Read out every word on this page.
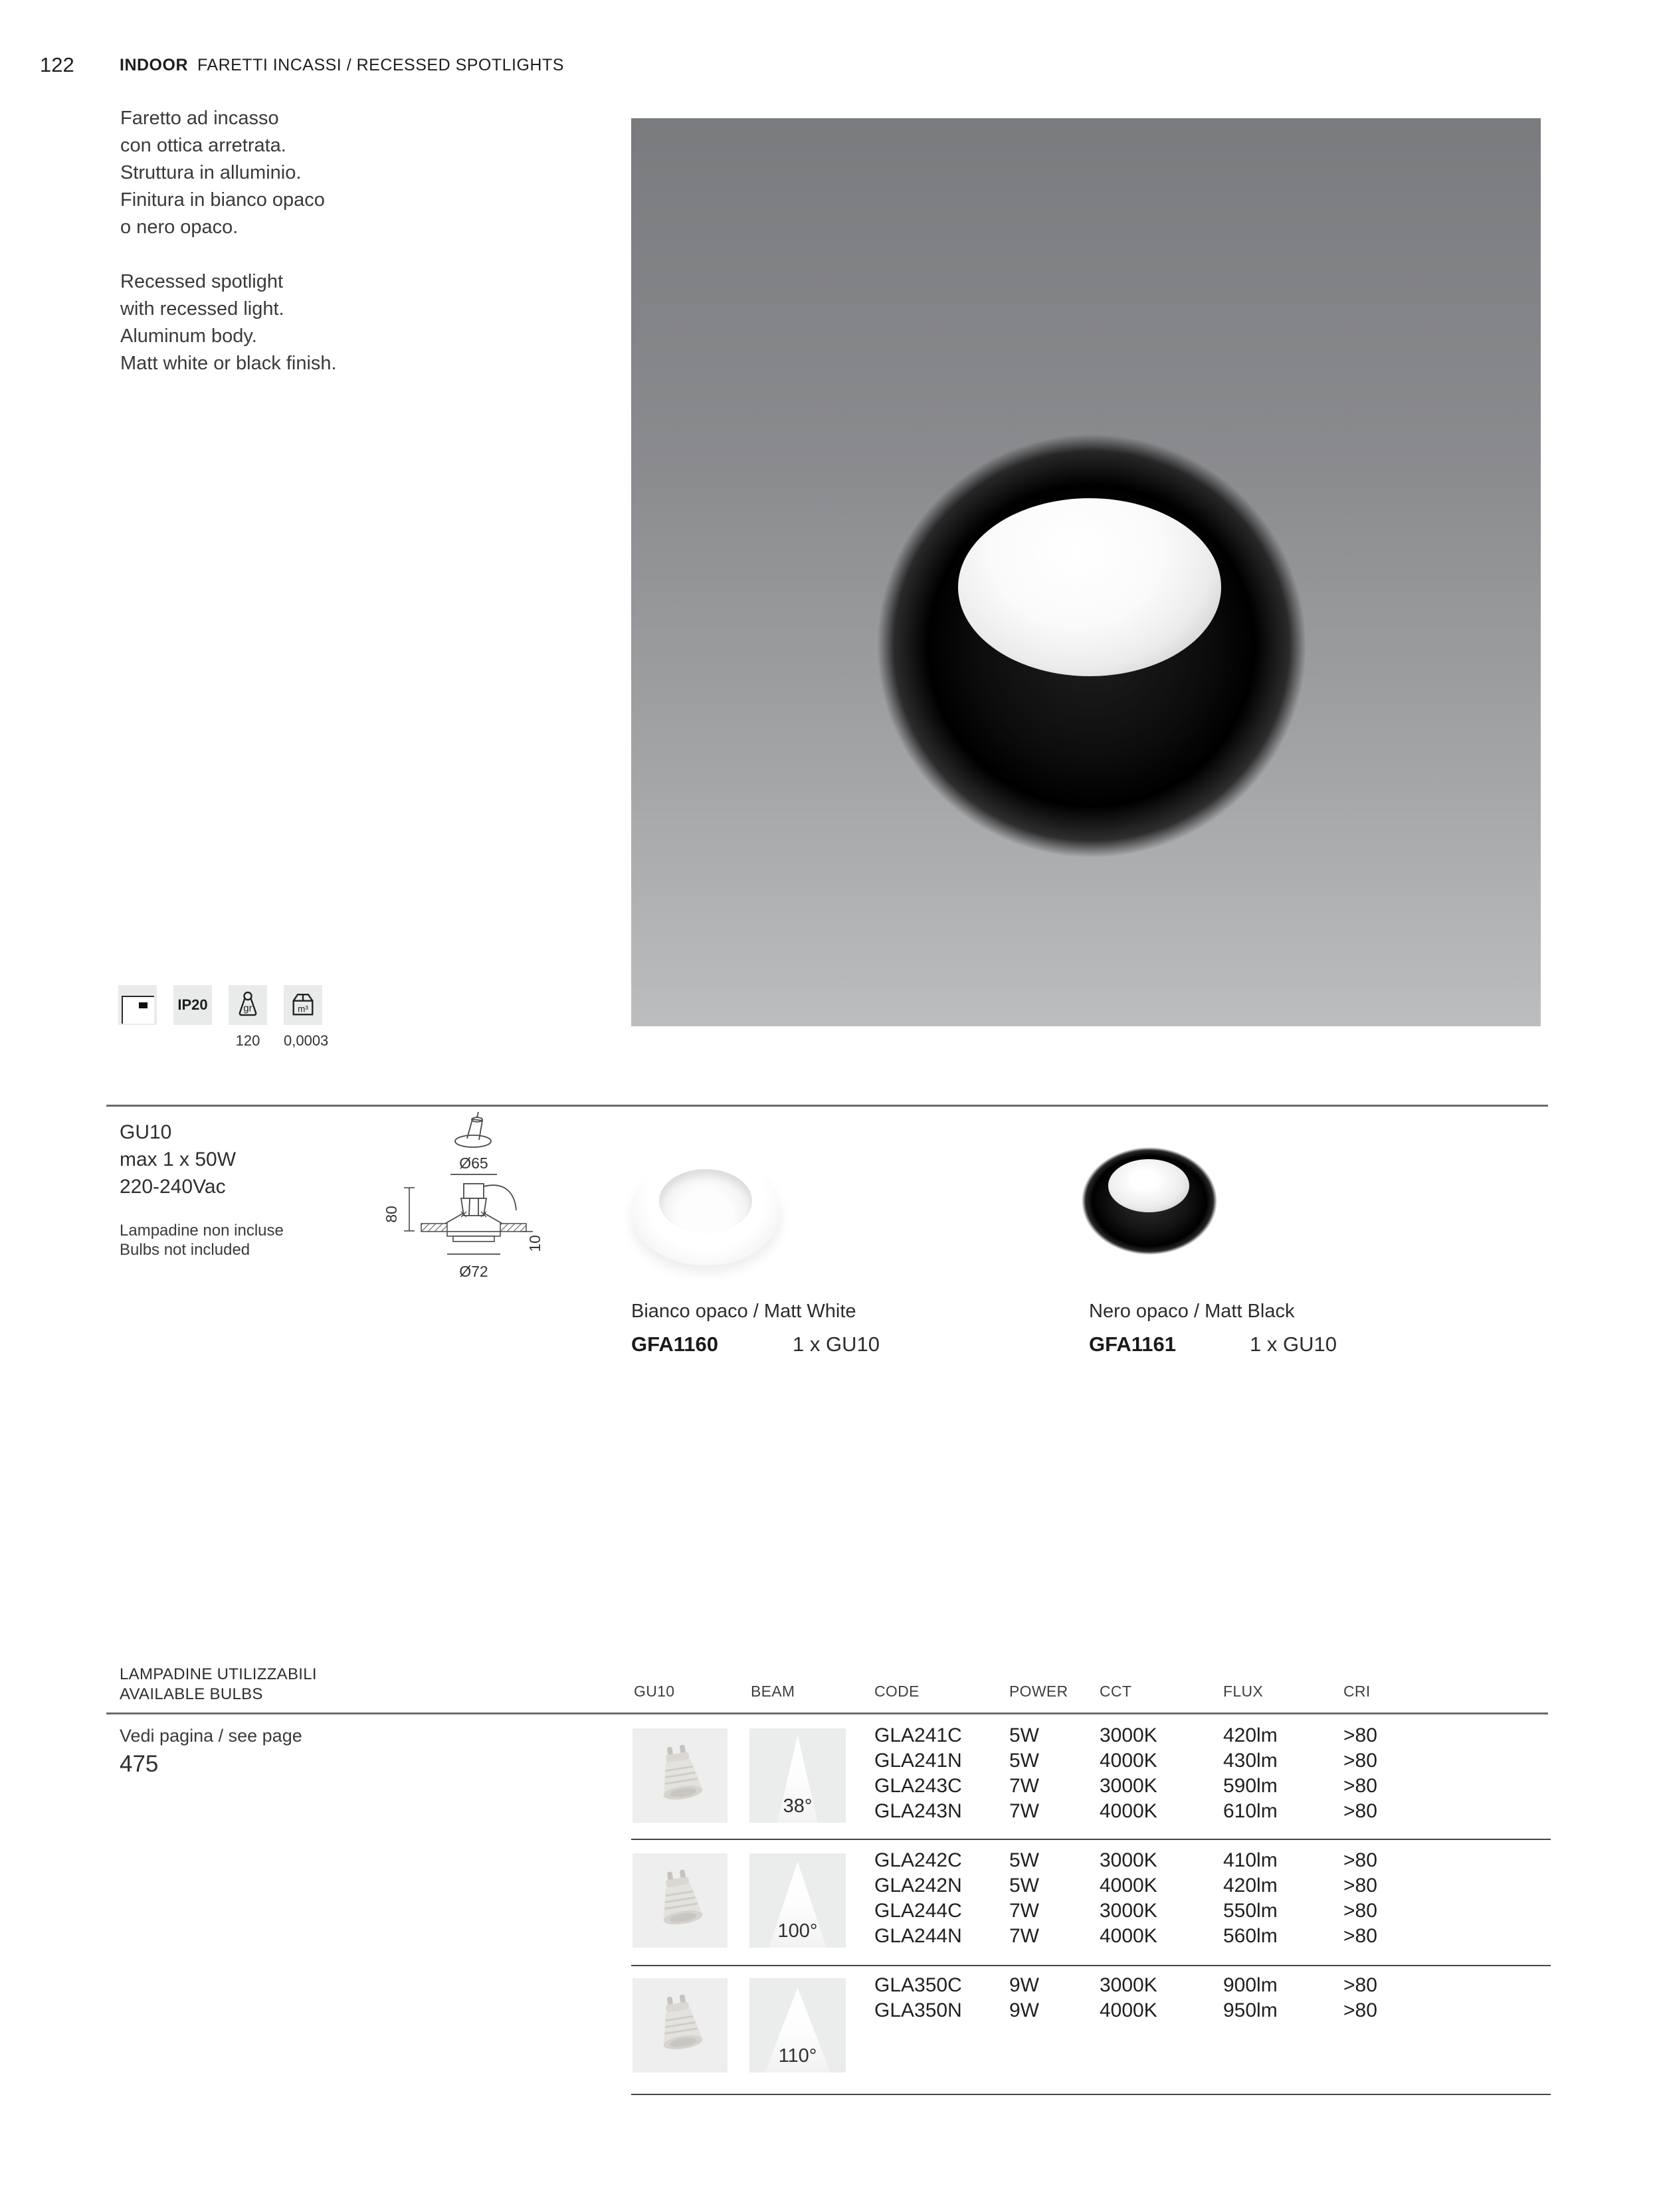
122	INDOOR FARETTI INCASSI / RECESSED SPOTLIGHTS
Faretto ad incasso
con ottica arretrata.
Struttura in alluminio.
Finitura in bianco opaco
o nero opaco.
Recessed spotlight
with recessed light.
Aluminum body.
Matt white or black finish.
IP20	gr	m³
120	0,0003
GU10
max 1 x 50W
220-240Vac
Lampadine non incluse
Bulbs not included
Ø65
80
10
Ø72
Bianco opaco / Matt White
GFA1160	1 x GU10
Nero opaco / Matt Black
GFA1161	1 x GU10
LAMPADINE UTILIZZABILI
AVAILABLE BULBS
Vedi pagina / see page
475
GU10	BEAM	CODE	POWER CCT	FLUX	CRI
38°
GLA241C 5W	3000K	420lm	>80
GLA241N 5W	4000K	430lm	>80
GLA243C 7W	3000K	590lm	>80
GLA243N 7W	4000K	610lm	>80
100°
GLA242C 5W	3000K	410lm	>80
GLA242N 5W	4000K	420lm	>80
GLA244C 7W	3000K	550lm	>80
GLA244N 7W	4000K	560lm	>80
110°
GLA350C 9W	3000K	900lm	>80
GLA350N 9W	4000K	950lm	>80
